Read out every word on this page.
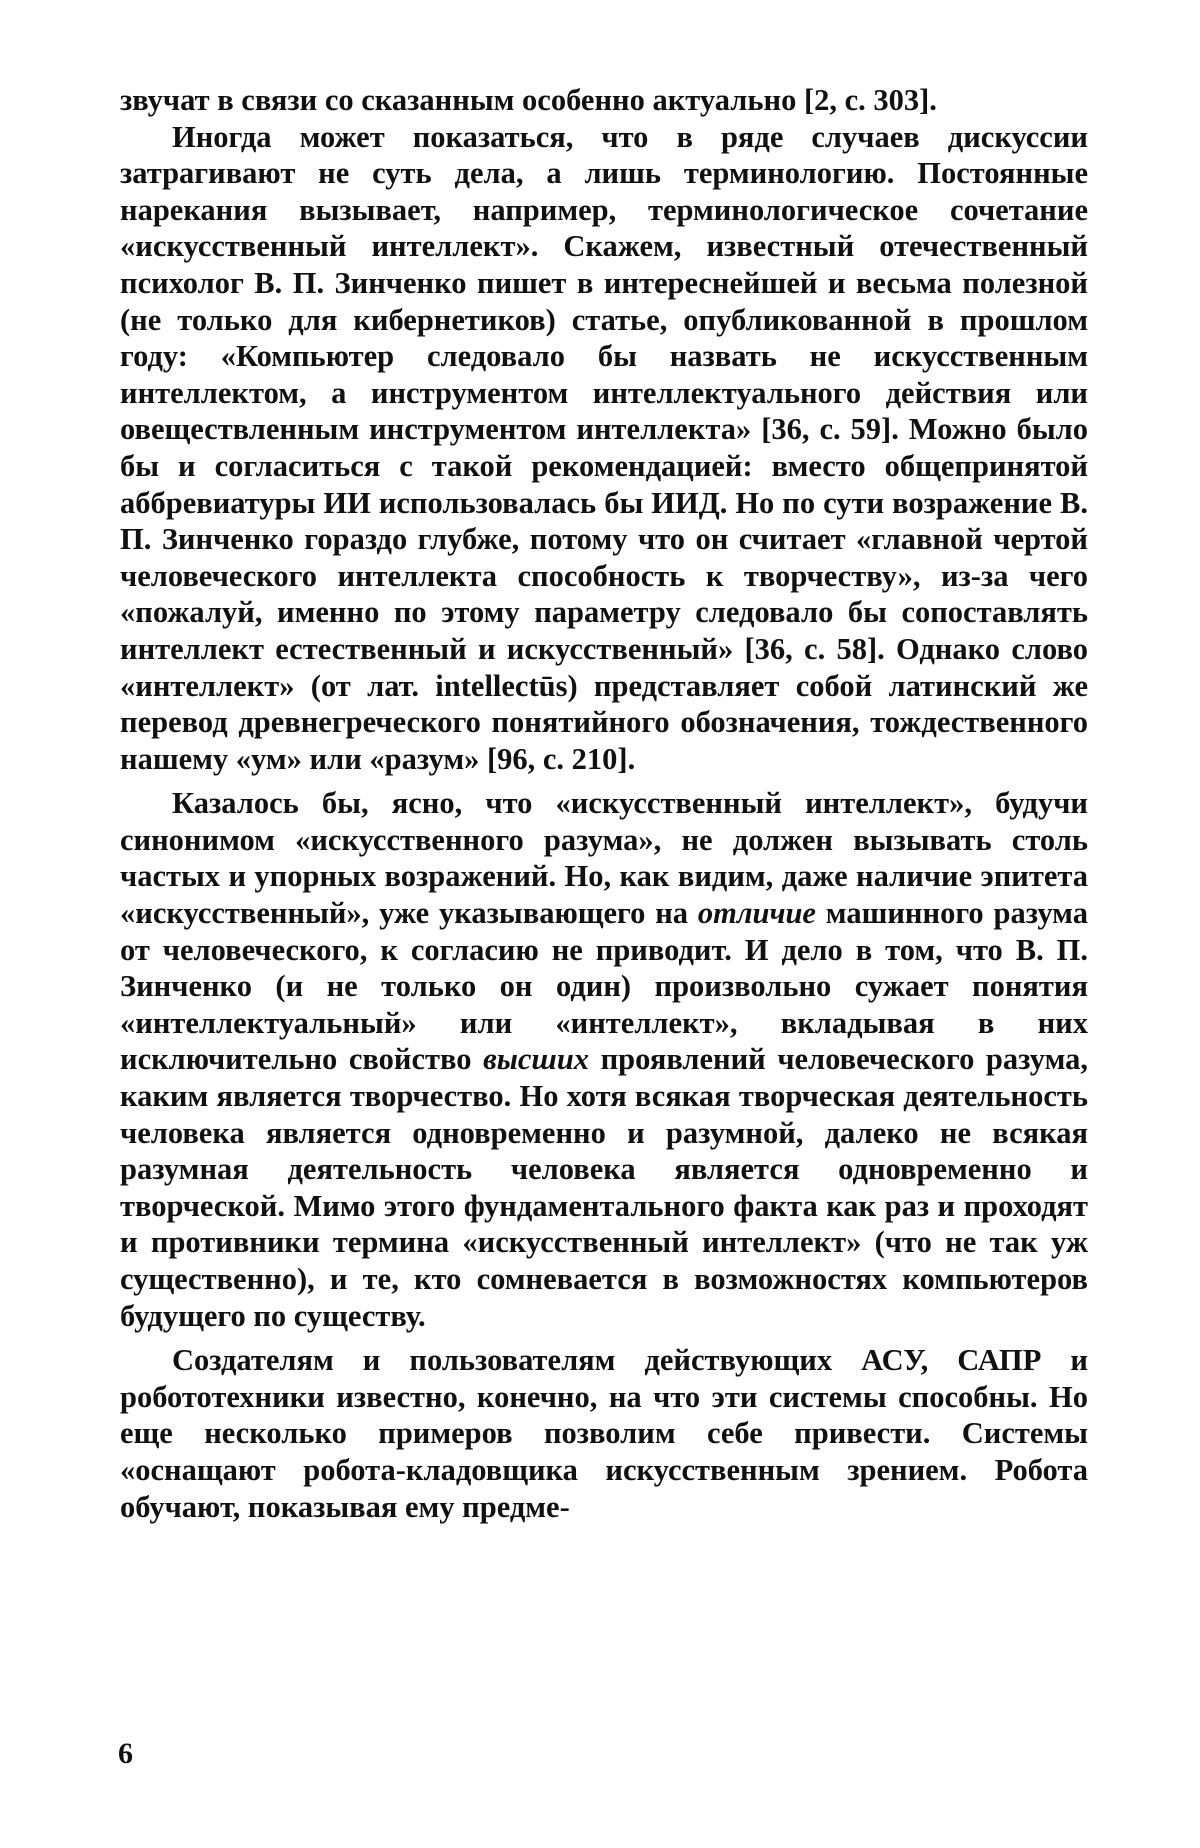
звучат в связи со сказанным особенно актуально [2, с. 303].

Иногда может показаться, что в ряде случаев дискуссии затрагивают не суть дела, а лишь терминологию. Постоянные нарекания вызывает, например, терминологическое сочетание «искусственный интеллект». Скажем, известный отечественный психолог В. П. Зинченко пишет в интереснейшей и весьма полезной (не только для кибернетиков) статье, опубликованной в прошлом году: «Компьютер следовало бы назвать не искусственным интеллектом, а инструментом интеллектуального действия или овеществленным инструментом интеллекта» [36, с. 59]. Можно было бы и согласиться с такой рекомендацией: вместо общепринятой аббревиатуры ИИ использовалась бы ИИД. Но по сути возражение В. П. Зинченко гораздо глубже, потому что он считает «главной чертой человеческого интеллекта способность к творчеству», из-за чего «пожалуй, именно по этому параметру следовало бы сопоставлять интеллект естественный и искусственный» [36, с. 58]. Однако слово «интеллект» (от лат. intellectūs) представляет собой латинский же перевод древнегреческого понятийного обозначения, тождественного нашему «ум» или «разум» [96, с. 210].

Казалось бы, ясно, что «искусственный интеллект», будучи синонимом «искусственного разума», не должен вызывать столь частых и упорных возражений. Но, как видим, даже наличие эпитета «искусственный», уже указывающего на отличие машинного разума от человеческого, к согласию не приводит. И дело в том, что В. П. Зинченко (и не только он один) произвольно сужает понятия «интеллектуальный» или «интеллект», вкладывая в них исключительно свойство высших проявлений человеческого разума, каким является творчество. Но хотя всякая творческая деятельность человека является одновременно и разумной, далеко не всякая разумная деятельность человека является одновременно и творческой. Мимо этого фундаментального факта как раз и проходят и противники термина «искусственный интеллект» (что не так уж существенно), и те, кто сомневается в возможностях компьютеров будущего по существу.

Создателям и пользователям действующих АСУ, САПР и робототехники известно, конечно, на что эти системы способны. Но еще несколько примеров позволим себе привести. Системы «оснащают робота-кладовщика искусственным зрением. Робота обучают, показывая ему предме-

6
